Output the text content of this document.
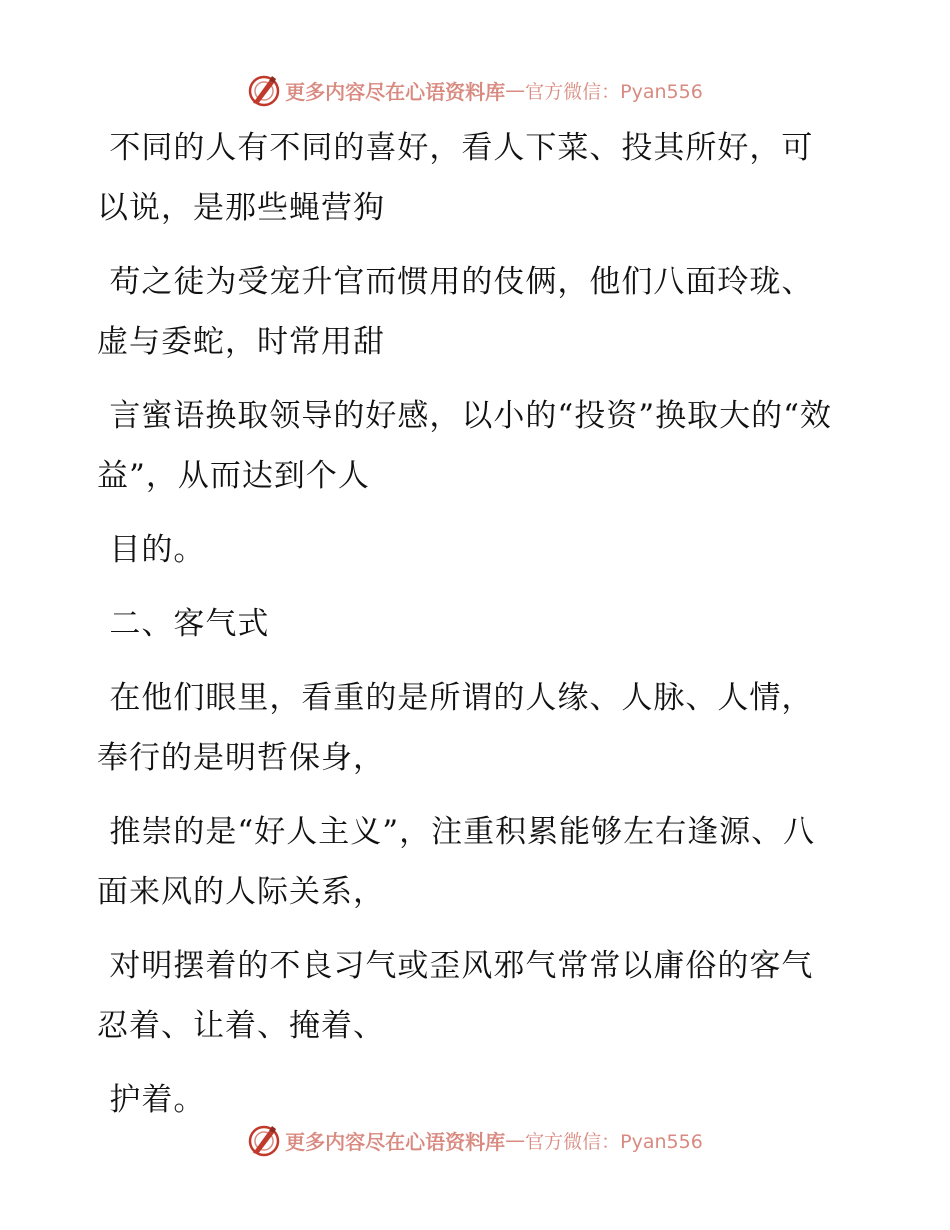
更多内容尽在心语资料库 — 官方微信：Pyan556

不同的人有不同的喜好，看人下菜、投其所好，可以说，是那些蝇营狗

苟之徒为受宠升官而惯用的伎俩，他们八面玲珑、虚与委蛇，时常用甜

言蜜语换取领导的好感，以小的“投资”换取大的“效益”，从而达到个人

目的。

二、客气式

在他们眼里，看重的是所谓的人缘、人脉、人情，奉行的是明哲保身，

推崇的是“好人主义”，注重积累能够左右逢源、八面来风的人际关系，

对明摆着的不良习气或歪风邪气常常以庸俗的客气忍着、让着、掩着、

护着。

更多内容尽在心语资料库 — 官方微信：Pyan556
